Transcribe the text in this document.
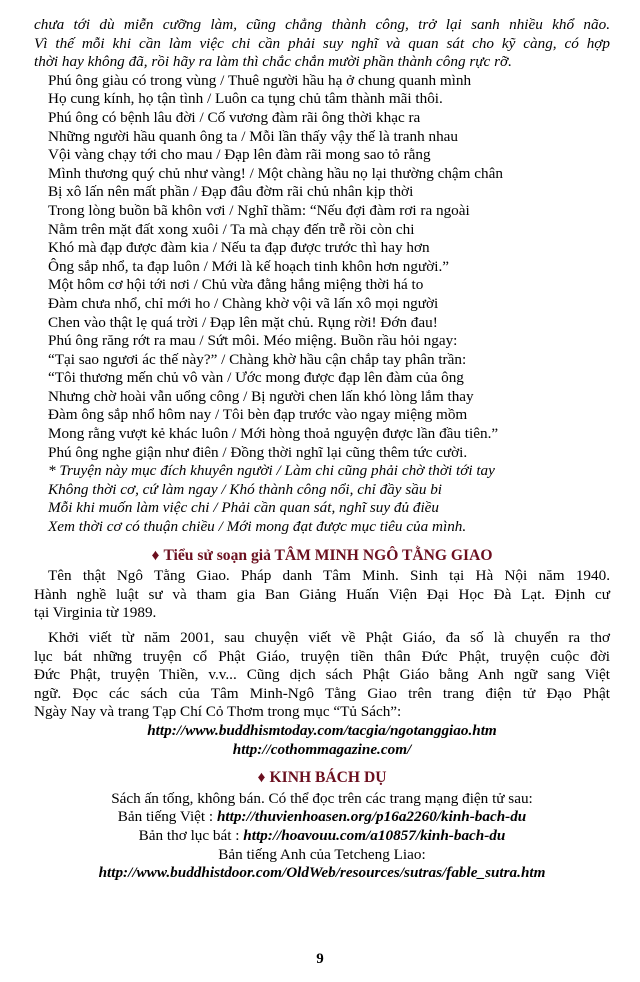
chưa tới dù miễn cưỡng làm, cũng chẳng thành công, trở lại sanh nhiều khổ não.
Vì thế mỗi khi cần làm việc chi cần phải suy nghĩ và quan sát cho kỹ càng, có hợp
thời hay không đã, rồi hãy ra làm thì chắc chắn mười phần thành công rực rỡ.
Phú ông giàu có trong vùng / Thuê người hầu hạ ở chung quanh mình
Họ cung kính, họ tận tình / Luôn ca tụng chủ tâm thành mãi thôi.
Phú ông có bệnh lâu đời / Cố vương đàm rãi ông thời khạc ra
Những người hầu quanh ông ta / Mỗi lần thấy vậy thế là tranh nhau
Vội vàng chạy tới cho mau / Đạp lên đàm rãi mong sao tỏ rằng
Mình thương quý chủ như vàng! / Một chàng hầu nọ lại thường chậm chân
Bị xô lấn nên mất phần / Đạp đâu đờm rãi chủ nhân kịp thời
Trong lòng buồn bã khôn vơi / Nghĩ thầm: “Nếu đợi đàm rơi ra ngoài
Nằm trên mặt đất xong xuôi / Ta mà chạy đến trễ rồi còn chi
Khó mà đạp được đàm kia / Nếu ta đạp được trước thì hay hơn
Ông sắp nhổ, ta đạp luôn / Mới là kế hoạch tinh khôn hơn người.”
Một hôm cơ hội tới nơi / Chủ vừa đằng hắng miệng thời há to
Đàm chưa nhổ, chỉ mới ho / Chàng khờ vội vã lấn xô mọi người
Chen vào thật lẹ quá trời / Đạp lên mặt chủ. Rụng rời! Đớn đau!
Phú ông răng rớt ra mau / Sứt môi. Méo miệng. Buồn rầu hỏi ngay:
“Tại sao ngươi ác thế này?” / Chàng khờ hầu cận chắp tay phân trần:
“Tôi thương mến chủ vô vàn / Ước mong được đạp lên đàm của ông
Nhưng chờ hoài vẫn uổng công / Bị người chen lấn khó lòng lắm thay
Đàm ông sắp nhổ hôm nay / Tôi bèn đạp trước vào ngay miệng mồm
Mong rằng vượt kẻ khác luôn / Mới hòng thoả nguyện được lần đầu tiên.”
Phú ông nghe giận như điên / Đồng thời nghĩ lại cũng thêm tức cười.
* Truyện này mục đích khuyên người / Làm chi cũng phải chờ thời tới tay
Không thời cơ, cứ làm ngay / Khó thành công nổi, chỉ đầy sầu bi
Mỗi khi muốn làm việc chi / Phải cần quan sát, nghĩ suy đủ điều
Xem thời cơ có thuận chiều / Mới mong đạt được mục tiêu của mình.
♦ Tiểu sử soạn giả TÂM MINH NGÔ TẰNG GIAO
Tên thật Ngô Tằng Giao. Pháp danh Tâm Minh. Sinh tại Hà Nội năm 1940.
Hành nghề luật sư và tham gia Ban Giảng Huấn Viện Đại Học Đà Lạt. Định cư
tại Virginia từ 1989.
Khởi viết từ năm 2001, sau chuyện viết về Phật Giáo, đa số là chuyển ra thơ
lục bát những truyện cổ Phật Giáo, truyện tiền thân Đức Phật, truyện cuộc đời
Đức Phật, truyện Thiền, v.v... Cũng dịch sách Phật Giáo bằng Anh ngữ sang Việt
ngữ. Đọc các sách của Tâm Minh-Ngô Tằng Giao trên trang điện tử Đạo Phật
Ngày Nay và trang Tạp Chí Cỏ Thơm trong mục “Tủ Sách”:
http://www.buddhismtoday.com/tacgia/ngotanggiao.htm
http://cothommagazine.com/
♦ KINH BÁCH DỤ
Sách ấn tống, không bán. Có thể đọc trên các trang mạng điện tử sau:
Bản tiếng Việt : http://thuvienhoasen.org/p16a2260/kinh-bach-du
Bản thơ lục bát : http://hoavouu.com/a10857/kinh-bach-du
Bản tiếng Anh của Tetcheng Liao:
http://www.buddhistdoor.com/OldWeb/resources/sutras/fable_sutra.htm
9
